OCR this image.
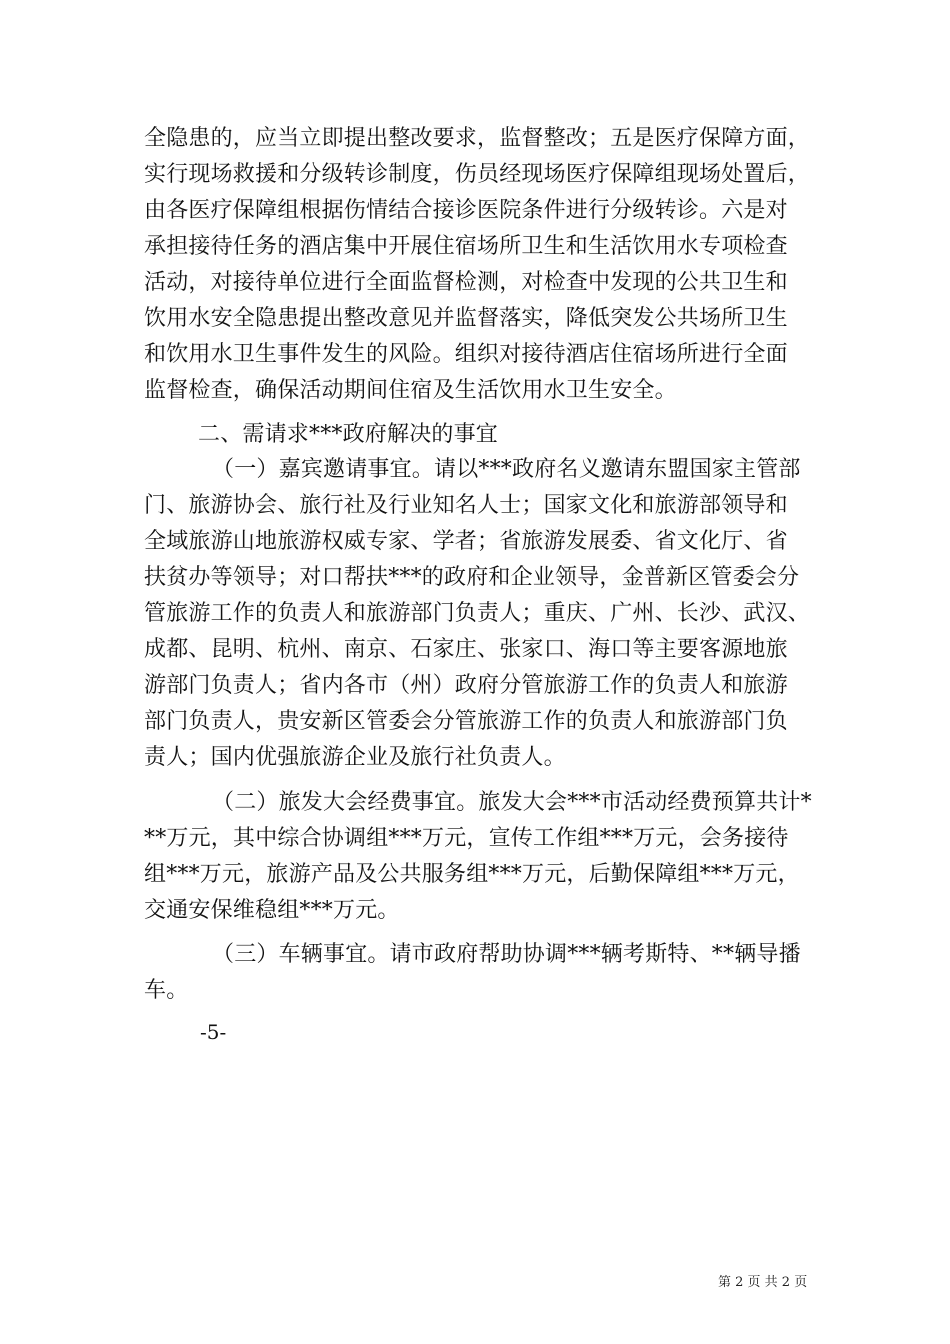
全隐患的，应当立即提出整改要求，监督整改；五是医疗保障方面，
实行现场救援和分级转诊制度，伤员经现场医疗保障组现场处置后，
由各医疗保障组根据伤情结合接诊医院条件进行分级转诊。六是对
承担接待任务的酒店集中开展住宿场所卫生和生活饮用水专项检查
活动，对接待单位进行全面监督检测，对检查中发现的公共卫生和
饮用水安全隐患提出整改意见并监督落实，降低突发公共场所卫生
和饮用水卫生事件发生的风险。组织对接待酒店住宿场所进行全面
监督检查，确保活动期间住宿及生活饮用水卫生安全。
二、需请求***政府解决的事宜
（一）嘉宾邀请事宜。请以***政府名义邀请东盟国家主管部
门、旅游协会、旅行社及行业知名人士；国家文化和旅游部领导和
全域旅游山地旅游权威专家、学者；省旅游发展委、省文化厅、省
扶贫办等领导；对口帮扶***的政府和企业领导，金普新区管委会分
管旅游工作的负责人和旅游部门负责人；重庆、广州、长沙、武汉、
成都、昆明、杭州、南京、石家庄、张家口、海口等主要客源地旅
游部门负责人；省内各市（州）政府分管旅游工作的负责人和旅游
部门负责人，贵安新区管委会分管旅游工作的负责人和旅游部门负
责人；国内优强旅游企业及旅行社负责人。
（二）旅发大会经费事宜。旅发大会***市活动经费预算共计*
**万元，其中综合协调组***万元，宣传工作组***万元，会务接待
组***万元，旅游产品及公共服务组***万元，后勤保障组***万元，
交通安保维稳组***万元。
（三）车辆事宜。请市政府帮助协调***辆考斯特、**辆导播
车。
-5-
第 2 页 共 2 页
